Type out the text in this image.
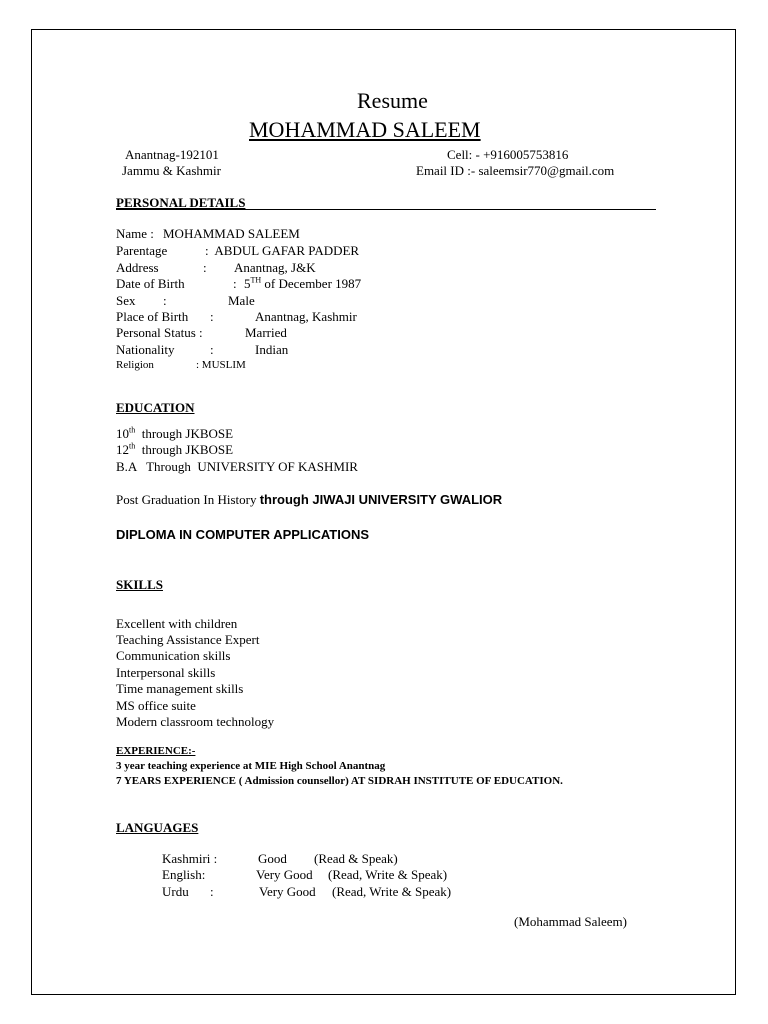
Resume
MOHAMMAD SALEEM
Anantnag-192101
Jammu & Kashmir
Cell: - +916005753816
Email ID :- saleemsir770@gmail.com
PERSONAL DETAILS
Name : MOHAMMAD SALEEM
Parentage	:  ABDUL GAFAR PADDER
Address	: Anantnag, J&K
Date of Birth	: 5TH of December 1987
Sex :	Male
Place of Birth :	Anantnag, Kashmir
Personal Status :	Married
Nationality	:	Indian
Religion	: MUSLIM
EDUCATION
10th  through JKBOSE
12th  through JKBOSE
B.A   Through  UNIVERSITY OF KASHMIR
Post Graduation In History through JIWAJI UNIVERSITY GWALIOR
DIPLOMA IN COMPUTER APPLICATIONS
SKILLS
Excellent with children
Teaching Assistance Expert
Communication skills
Interpersonal skills
Time management skills
MS office suite
Modern classroom technology
EXPERIENCE:-
3 year teaching experience at MIE High School Anantnag
7 YEARS EXPERIENCE ( Admission counsellor) AT SIDRAH INSTITUTE OF EDUCATION.
LANGUAGES
Kashmiri :	Good (Read & Speak)
English:	Very Good (Read, Write & Speak)
Urdu :	Very Good (Read, Write & Speak)
(Mohammad Saleem)
